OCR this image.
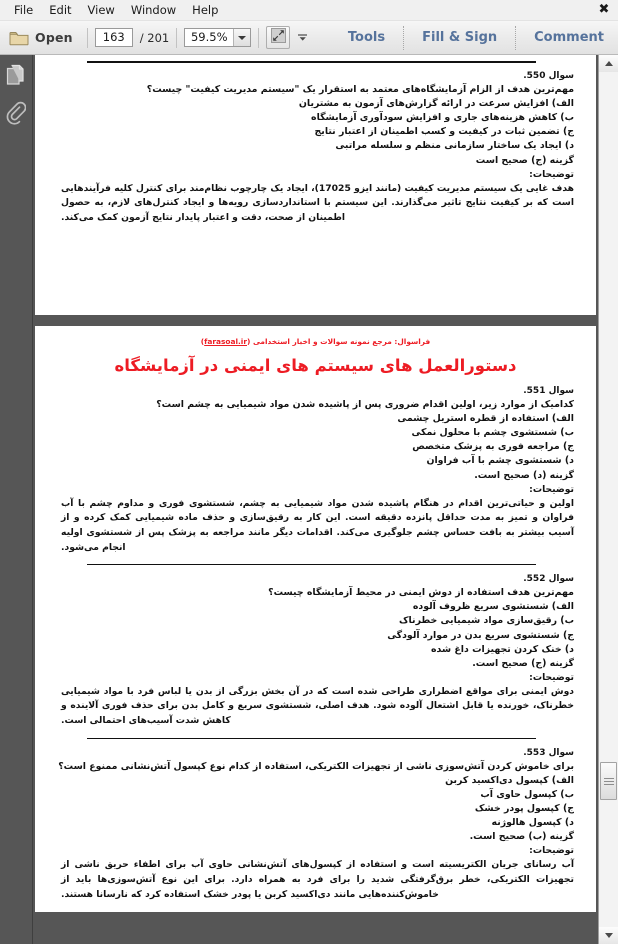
File	Edit	View	Window	Help	✖
Open	163	/ 201	59.5%	Tools	Fill & Sign	Comment
سوال 550.
مهم‌ترین هدف از الزام آزمایشگاه‌های معتمد به استقرار یک "سیستم مدیریت کیفیت" چیست؟
الف) افزایش سرعت در ارائه گزارش‌های آزمون به مشتریان
ب) کاهش هزینه‌های جاری و افزایش سودآوری آزمایشگاه
ج) تضمین ثبات در کیفیت و کسب اطمینان از اعتبار نتایج
د) ایجاد یک ساختار سازمانی منظم و سلسله مراتبی
گزینه (ج) صحیح است
توضیحات:
هدف غایی یک سیستم مدیریت کیفیت (مانند ایزو 17025)، ایجاد یک چارچوب نظام‌مند برای کنترل کلیه فرآیندهایی است که بر کیفیت نتایج تاثیر می‌گذارند. این سیستم با استانداردسازی رویه‌ها و ایجاد کنترل‌های لازم، به حصول اطمینان از صحت، دقت و اعتبار پایدار نتایج آزمون کمک می‌کند.
فراسوال: مرجع نمونه سوالات و اخبار استخدامی (farasoal.ir)
دستورالعمل های سیستم های ایمنی در آزمایشگاه
سوال 551.
کدامیک از موارد زیر، اولین اقدام ضروری پس از پاشیده شدن مواد شیمیایی به چشم است؟
الف) استفاده از قطره استریل چشمی
ب) شستشوی چشم با محلول نمکی
ج) مراجعه فوری به پزشک متخصص
د) شستشوی چشم با آب فراوان
گزینه (د) صحیح است.
توضیحات:
اولین و حیاتی‌ترین اقدام در هنگام پاشیده شدن مواد شیمیایی به چشم، شستشوی فوری و مداوم چشم با آب فراوان و تمیز به مدت حداقل پانزده دقیقه است. این کار به رقیق‌سازی و حذف ماده شیمیایی کمک کرده و از آسیب بیشتر به بافت حساس چشم جلوگیری می‌کند. اقدامات دیگر مانند مراجعه به پزشک پس از شستشوی اولیه انجام می‌شود.
سوال 552.
مهم‌ترین هدف استفاده از دوش ایمنی در محیط آزمایشگاه چیست؟
الف) شستشوی سریع ظروف آلوده
ب) رقیق‌سازی مواد شیمیایی خطرناک
ج) شستشوی سریع بدن در موارد آلودگی
د) خنک کردن تجهیزات داغ شده
گزینه (ج) صحیح است.
توضیحات:
دوش ایمنی برای مواقع اضطراری طراحی شده است که در آن بخش بزرگی از بدن یا لباس فرد با مواد شیمیایی خطرناک، خورنده یا قابل اشتعال آلوده شود. هدف اصلی، شستشوی سریع و کامل بدن برای حذف فوری آلاینده و کاهش شدت آسیب‌های احتمالی است.
سوال 553.
برای خاموش کردن آتش‌سوزی ناشی از تجهیزات الکتریکی، استفاده از کدام نوع کپسول آتش‌نشانی ممنوع است؟
الف) کپسول دی‌اکسید کربن
ب) کپسول حاوی آب
ج) کپسول پودر خشک
د) کپسول هالوژنه
گزینه (ب) صحیح است.
توضیحات:
آب رسانای جریان الکتریسیته است و استفاده از کپسول‌های آتش‌نشانی حاوی آب برای اطفاء حریق ناشی از تجهیزات الکتریکی، خطر برق‌گرفتگی شدید را برای فرد به همراه دارد. برای این نوع آتش‌سوزی‌ها باید از خاموش‌کننده‌هایی مانند دی‌اکسید کربن یا پودر خشک استفاده کرد که نارسانا هستند.
